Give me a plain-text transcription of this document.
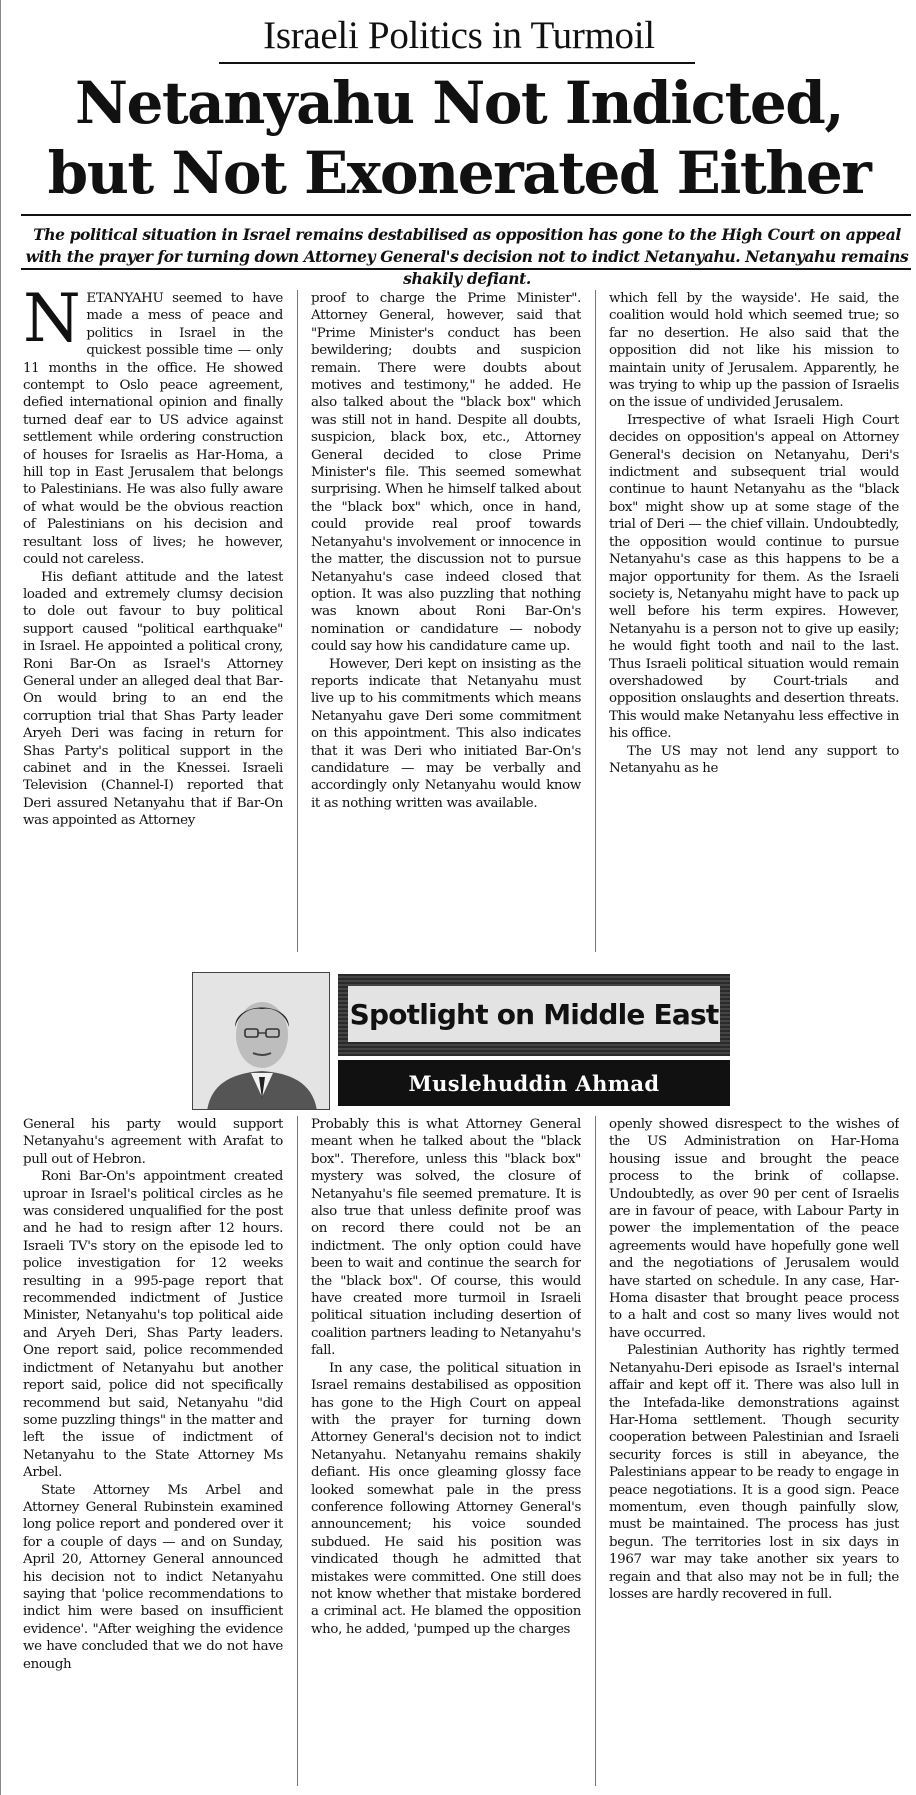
Israeli Politics in Turmoil
Netanyahu Not Indicted,
but Not Exonerated Either
The political situation in Israel remains destabilised as opposition has gone to the High Court on appeal with the prayer for turning down Attorney General's decision not to indict Netanyahu. Netanyahu remains shakily defiant.

NETANYAHU seemed to have made a mess of peace and politics in Israel in the quickest possible time — only 11 months in the office. He showed contempt to Oslo peace agreement, defied international opinion and finally turned deaf ear to US advice against settlement while ordering construction of houses for Israelis as Har-Homa, a hill top in East Jerusalem that belongs to Palestinians. He was also fully aware of what would be the obvious reaction of Palestinians on his decision and resultant loss of lives; he however, could not careless.

His defiant attitude and the latest loaded and extremely clumsy decision to dole out favour to buy political support caused "political earthquake" in Israel. He appointed a political crony, Roni Bar-On as Israel's Attorney General under an alleged deal that Bar-On would bring to an end the corruption trial that Shas Party leader Aryeh Deri was facing in return for Shas Party's political support in the cabinet and in the Knessei. Israeli Television (Channel-I) reported that Deri assured Netanyahu that if Bar-On was appointed as Attorney

proof to charge the Prime Minister". Attorney General, however, said that "Prime Minister's conduct has been bewildering; doubts and suspicion remain. There were doubts about motives and testimony," he added. He also talked about the "black box" which was still not in hand. Despite all doubts, suspicion, black box, etc., Attorney General decided to close Prime Minister's file. This seemed somewhat surprising. When he himself talked about the "black box" which, once in hand, could provide real proof towards Netanyahu's involvement or innocence in the matter, the discussion not to pursue Netanyahu's case indeed closed that option. It was also puzzling that nothing was known about Roni Bar-On's nomination or candidature — nobody could say how his candidature came up.

However, Deri kept on insisting as the reports indicate that Netanyahu must live up to his commitments which means Netanyahu gave Deri some commitment on this appointment. This also indicates that it was Deri who initiated Bar-On's candidature — may be verbally and accordingly only Netanyahu would know it as nothing written was available.

which fell by the wayside'. He said, the coalition would hold which seemed true; so far no desertion. He also said that the opposition did not like his mission to maintain unity of Jerusalem. Apparently, he was trying to whip up the passion of Israelis on the issue of undivided Jerusalem.

Irrespective of what Israeli High Court decides on opposition's appeal on Attorney General's decision on Netanyahu, Deri's indictment and subsequent trial would continue to haunt Netanyahu as the "black box" might show up at some stage of the trial of Deri — the chief villain. Undoubtedly, the opposition would continue to pursue Netanyahu's case as this happens to be a major opportunity for them. As the Israeli society is, Netanyahu might have to pack up well before his term expires. However, Netanyahu is a person not to give up easily; he would fight tooth and nail to the last. Thus Israeli political situation would remain overshadowed by Court-trials and opposition onslaughts and desertion threats. This would make Netanyahu less effective in his office.

The US may not lend any support to Netanyahu as he

Spotlight on Middle East
Muslehuddin Ahmad

General his party would support Netanyahu's agreement with Arafat to pull out of Hebron.

Roni Bar-On's appointment created uproar in Israel's political circles as he was considered unqualified for the post and he had to resign after 12 hours. Israeli TV's story on the episode led to police investigation for 12 weeks resulting in a 995-page report that recommended indictment of Justice Minister, Netanyahu's top political aide and Aryeh Deri, Shas Party leaders. One report said, police recommended indictment of Netanyahu but another report said, police did not specifically recommend but said, Netanyahu "did some puzzling things" in the matter and left the issue of indictment of Netanyahu to the State Attorney Ms Arbel.

State Attorney Ms Arbel and Attorney General Rubinstein examined long police report and pondered over it for a couple of days — and on Sunday, April 20, Attorney General announced his decision not to indict Netanyahu saying that 'police recommendations to indict him were based on insufficient evidence'. "After weighing the evidence we have concluded that we do not have enough

Probably this is what Attorney General meant when he talked about the "black box". Therefore, unless this "black box" mystery was solved, the closure of Netanyahu's file seemed premature. It is also true that unless definite proof was on record there could not be an indictment. The only option could have been to wait and continue the search for the "black box". Of course, this would have created more turmoil in Israeli political situation including desertion of coalition partners leading to Netanyahu's fall.

In any case, the political situation in Israel remains destabilised as opposition has gone to the High Court on appeal with the prayer for turning down Attorney General's decision not to indict Netanyahu. Netanyahu remains shakily defiant. His once gleaming glossy face looked somewhat pale in the press conference following Attorney General's announcement; his voice sounded subdued. He said his position was vindicated though he admitted that mistakes were committed. One still does not know whether that mistake bordered a criminal act. He blamed the opposition who, he added, 'pumped up the charges

openly showed disrespect to the wishes of the US Administration on Har-Homa housing issue and brought the peace process to the brink of collapse. Undoubtedly, as over 90 per cent of Israelis are in favour of peace, with Labour Party in power the implementation of the peace agreements would have hopefully gone well and the negotiations of Jerusalem would have started on schedule. In any case, Har-Homa disaster that brought peace process to a halt and cost so many lives would not have occurred.

Palestinian Authority has rightly termed Netanyahu-Deri episode as Israel's internal affair and kept off it. There was also lull in the Intefada-like demonstrations against Har-Homa settlement. Though security cooperation between Palestinian and Israeli security forces is still in abeyance, the Palestinians appear to be ready to engage in peace negotiations. It is a good sign. Peace momentum, even though painfully slow, must be maintained. The process has just begun. The territories lost in six days in 1967 war may take another six years to regain and that also may not be in full; the losses are hardly recovered in full.
